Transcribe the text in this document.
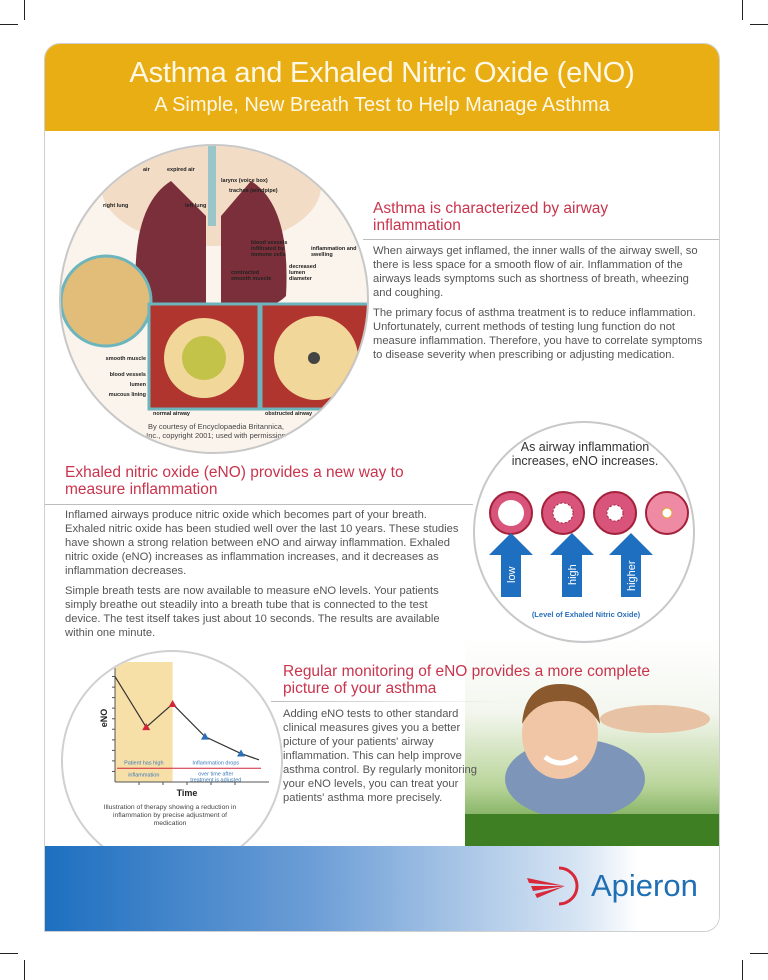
Asthma and Exhaled Nitric Oxide (eNO)
A Simple, New Breath Test to Help Manage Asthma
air	expired air
larynx (voice box)
trachea (windpipe)
right lung	left lung
blood vessels infiltrated by immune cells
inflammation and swelling
contracted smooth muscle
decreased lumen diameter
smooth muscle
blood vessels
lumen
mucous lining
normal airway	obstructed airway
By courtesy of Encyclopaedia Britannica, Inc., copyright 2001; used with permission
Asthma is characterized by airway inflammation

When airways get inflamed, the inner walls of the airway swell, so there is less space for a smooth flow of air. Inflammation of the airways leads symptoms such as shortness of breath, wheezing and coughing.

The primary focus of asthma treatment is to reduce inflammation. Unfortunately, current methods of testing lung function do not measure inflammation. Therefore, you have to correlate symptoms to disease severity when prescribing or adjusting medication.

Exhaled nitric oxide (eNO) provides a new way to measure inflammation

Inflamed airways produce nitric oxide which becomes part of your breath. Exhaled nitric oxide has been studied well over the last 10 years. These studies have shown a strong relation between eNO and airway inflammation. Exhaled nitric oxide (eNO) increases as inflammation increases, and it decreases as inflammation decreases.

Simple breath tests are now available to measure eNO levels. Your patients simply breathe out steadily into a breath tube that is connected to the test device. The test itself takes just about 10 seconds. The results are available within one minute.

As airway inflammation increases, eNO increases.
low	high	higher
(Level of Exhaled Nitric Oxide)
Patient has high
inflammation
Inflammation drops
over time after
treatment is adjusted
Time
eNO
Illustration of therapy showing a reduction in inflammation by precise adjustment of medication
Regular monitoring of eNO provides a more complete picture of your asthma

Adding eNO tests to other standard clinical measures gives you a better picture of your patients' airway inflammation. This can help improve asthma control. By regularly monitoring your eNO levels, you can treat your patients' asthma more precisely.

Apieron
